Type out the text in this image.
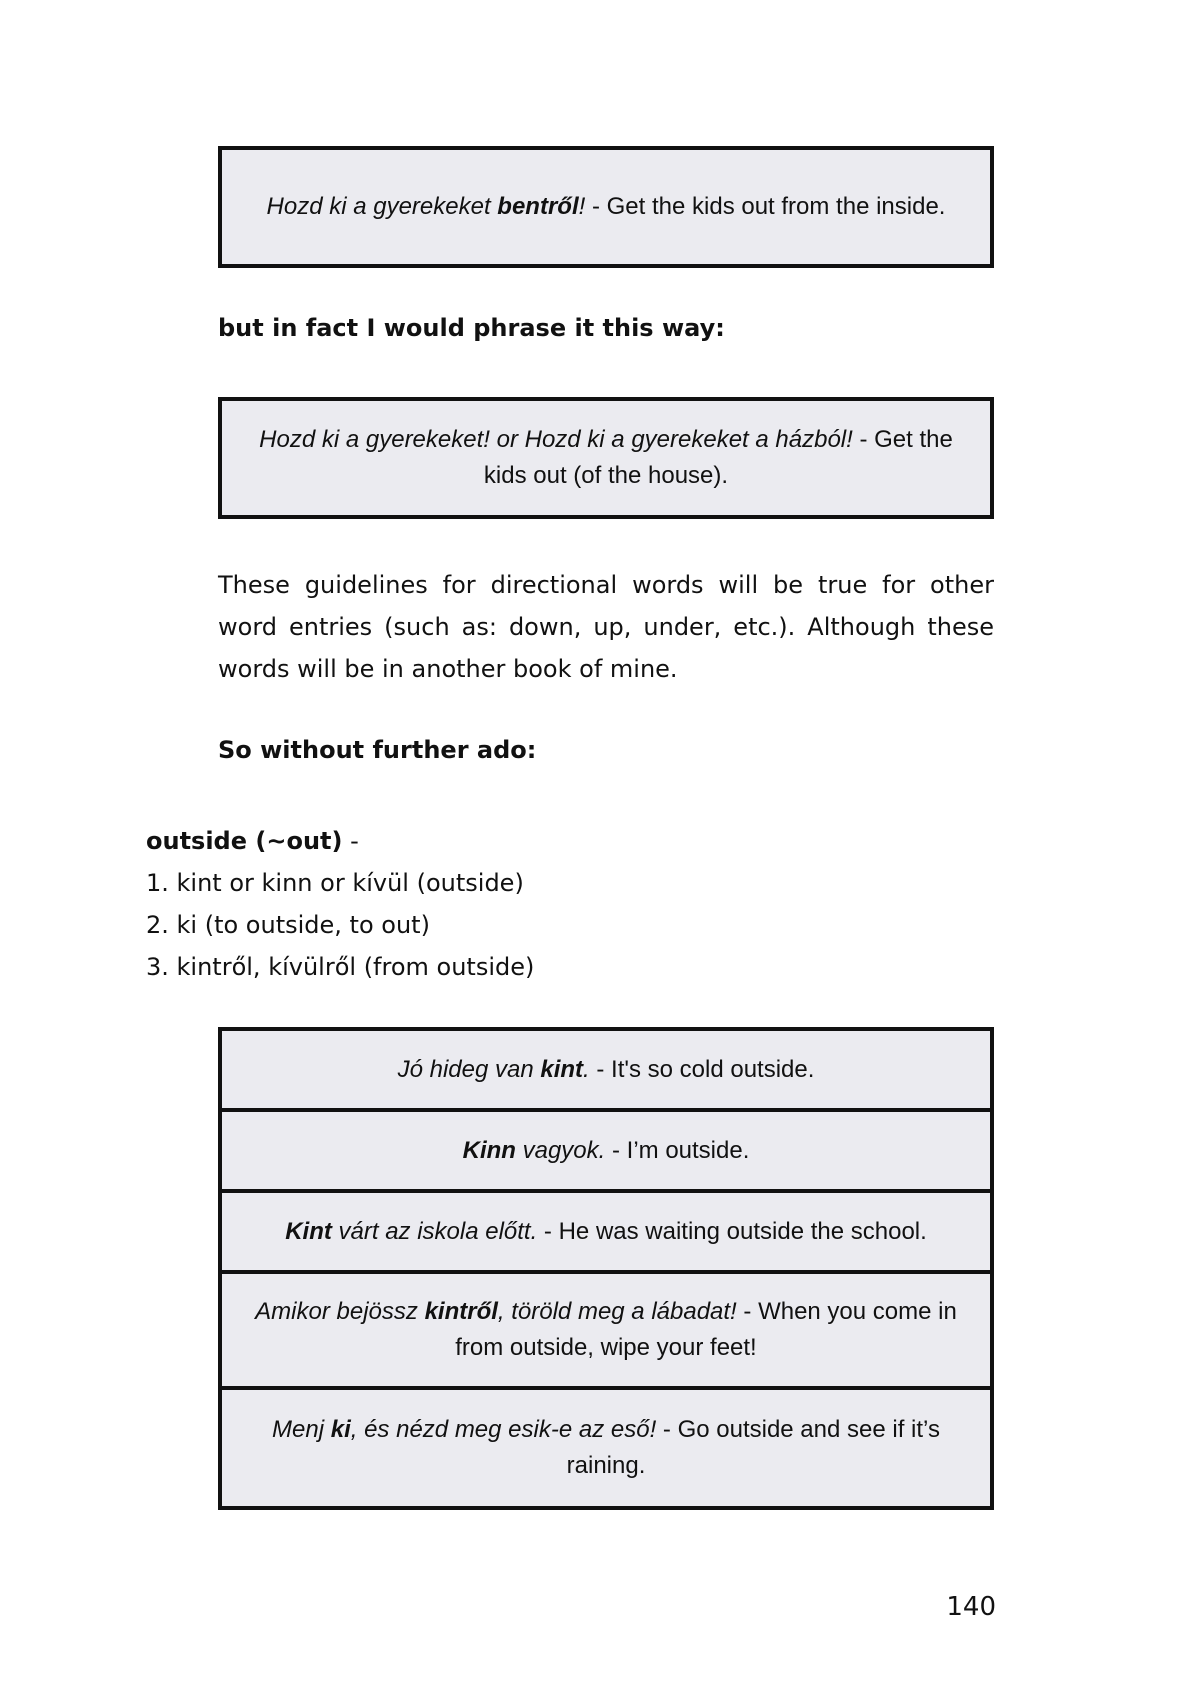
Hozd ki a gyerekeket bentről! - Get the kids out from the inside.

but in fact I would phrase it this way:

Hozd ki a gyerekeket! or Hozd ki a gyerekeket a házból! - Get the kids out (of the house).

These guidelines for directional words will be true for other word entries (such as: down, up, under, etc.). Although these words will be in another book of mine.
So without further ado:
outside (~out) -
1. kint or kinn or kívül (outside)
2. ki (to outside, to out)
3. kintről, kívülről (from outside)

Jó hideg van kint. - It's so cold outside.

Kinn vagyok. - I’m outside.

Kint várt az iskola előtt. - He was waiting outside the school.

Amikor bejössz kintről, töröld meg a lábadat! - When you come in from outside, wipe your feet!

Menj ki, és nézd meg esik-e az eső! - Go outside and see if it’s raining.

140
